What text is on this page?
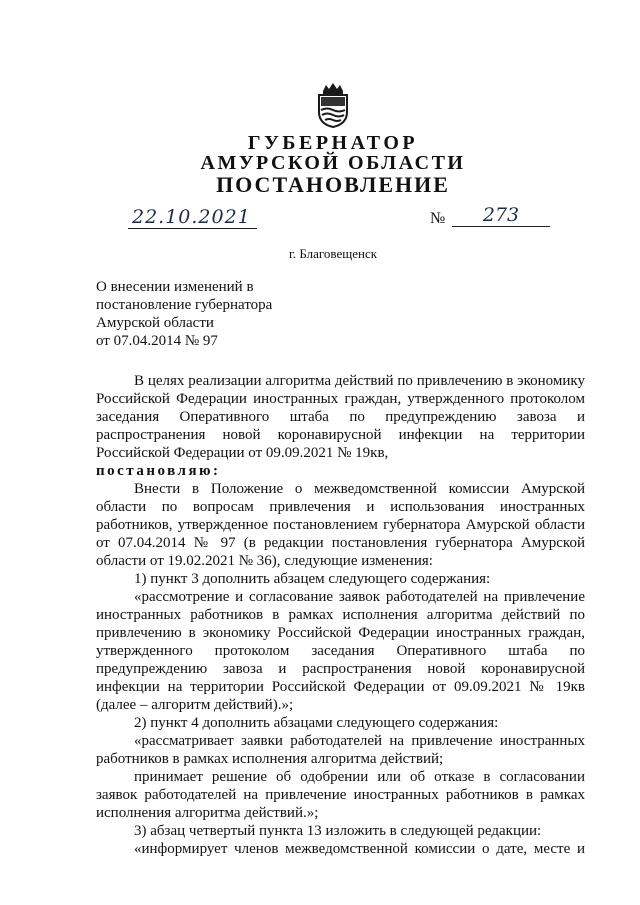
ГУБЕРНАТОР
АМУРСКОЙ ОБЛАСТИ
ПОСТАНОВЛЕНИЕ
22.10.2021	№	273
г. Благовещенск
О внесении изменений в
постановление губернатора
Амурской области
от 07.04.2014 № 97

В целях реализации алгоритма действий по привлечению в экономику Российской Федерации иностранных граждан, утвержденного протоколом заседания Оперативного штаба по предупреждению завоза и распространения новой коронавирусной инфекции на территории Российской Федерации от 09.09.2021 № 19кв,

постановляю:

Внести в Положение о межведомственной комиссии Амурской области по вопросам привлечения и использования иностранных работников, утвержденное постановлением губернатора Амурской области от 07.04.2014 № 97 (в редакции постановления губернатора Амурской области от 19.02.2021 № 36), следующие изменения:

1) пункт 3 дополнить абзацем следующего содержания:

«рассмотрение и согласование заявок работодателей на привлечение иностранных работников в рамках исполнения алгоритма действий по привлечению в экономику Российской Федерации иностранных граждан, утвержденного протоколом заседания Оперативного штаба по предупреждению завоза и распространения новой коронавирусной инфекции на территории Российской Федерации от 09.09.2021 № 19кв (далее – алгоритм действий).»;

2) пункт 4 дополнить абзацами следующего содержания:

«рассматривает заявки работодателей на привлечение иностранных работников в рамках исполнения алгоритма действий;

принимает решение об одобрении или об отказе в согласовании заявок работодателей на привлечение иностранных работников в рамках исполнения алгоритма действий.»;

3) абзац четвертый пункта 13 изложить в следующей редакции:

«информирует членов межведомственной комиссии о дате, месте и
